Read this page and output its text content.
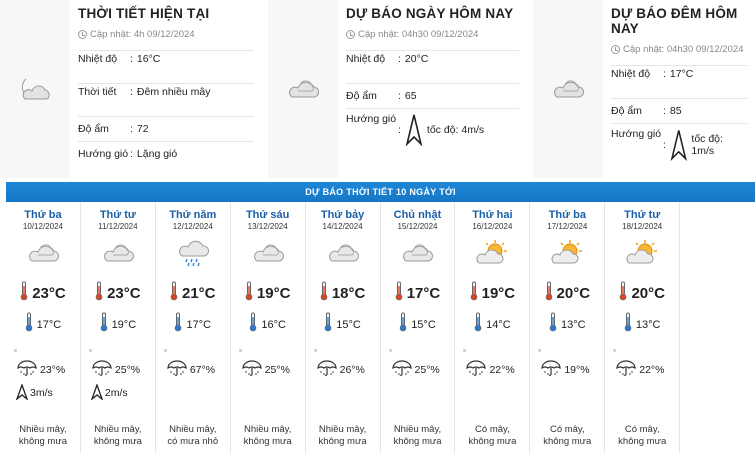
THỜI TIẾT HIỆN TẠI
Cập nhật: 4h 09/12/2024
Nhiệt độ	: 16°C
Thời tiết	: Đêm nhiều mây
Độ ẩm	: 72
Hướng gió : Lặng gió
DỰ BÁO NGÀY HÔM NAY
Cập nhật: 04h30 09/12/2024
Nhiệt độ	: 20°C
Độ ẩm	: 65
Hướng gió
: tốc độ: 4m/s
DỰ BÁO ĐÊM HÔM NAY
Cập nhật: 04h30 09/12/2024
Nhiệt độ	: 17°C
Độ ẩm	: 85
Hướng gió
: tốc độ: 1m/s
DỰ BÁO THỜI TIẾT 10 NGÀY TỚI
Thứ ba
10/12/2024
23°C
17°C
23°%
3m/s
Nhiều mây,
không mưa
Thứ tư
11/12/2024
23°C
19°C
25°%
2m/s
Nhiều mây,
không mưa
Thứ năm
12/12/2024
21°C
17°C
67°%
Nhiều mây,
có mưa nhỏ
Thứ sáu
13/12/2024
19°C
16°C
25°%
Nhiều mây,
không mưa
Thứ bảy
14/12/2024
18°C
15°C
26°%
Nhiều mây,
không mưa
Chủ nhật
15/12/2024
17°C
15°C
25°%
Nhiều mây,
không mưa
Thứ hai
16/12/2024
19°C
14°C
22°%
Có mây,
không mưa
Thứ ba
17/12/2024
20°C
13°C
19°%
Có mây,
không mưa
Thứ tư
18/12/2024
20°C
13°C
22°%
Có mây,
không mưa
